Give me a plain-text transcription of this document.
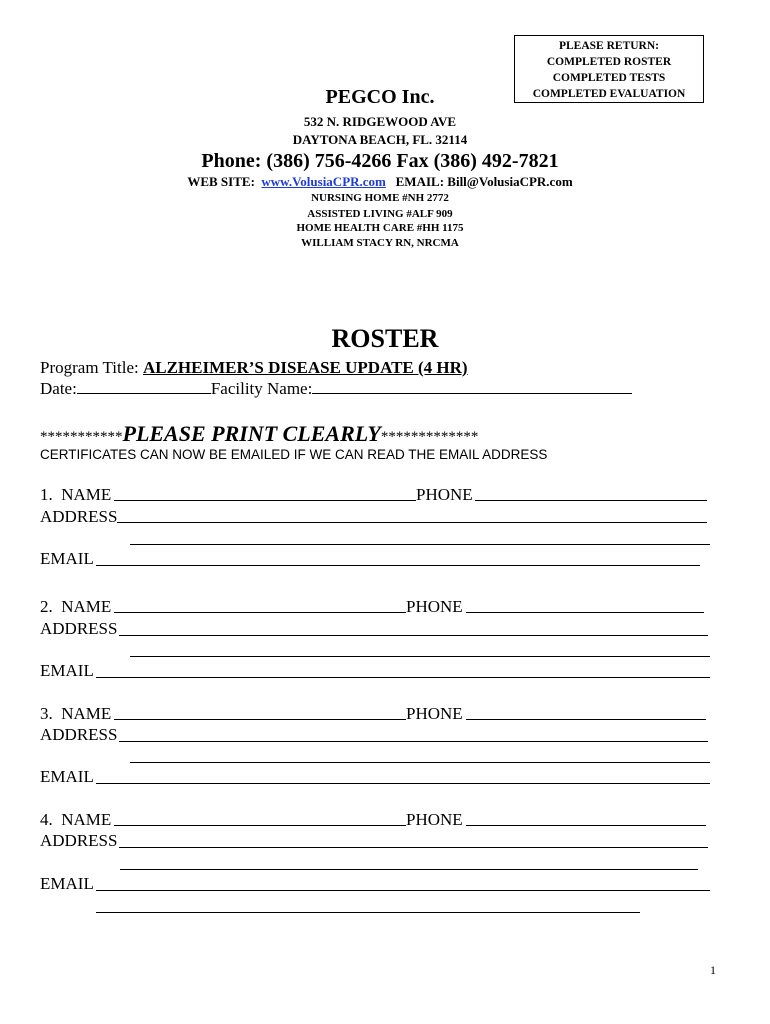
PLEASE RETURN:
COMPLETED ROSTER
COMPLETED TESTS
COMPLETED EVALUATION
PEGCO Inc.
532 N. RIDGEWOOD AVE
DAYTONA BEACH, FL. 32114
Phone: (386) 756-4266 Fax (386) 492-7821
WEB SITE: www.VolusiaCPR.com EMAIL: Bill@VolusiaCPR.com
NURSING HOME #NH 2772
ASSISTED LIVING #ALF 909
HOME HEALTH CARE #HH 1175
WILLIAM STACY RN, NRCMA
ROSTER
Program Title: ALZHEIMER’S DISEASE UPDATE (4 HR)
Date:	Facility Name:
***********PLEASE PRINT CLEARLY*************
CERTIFICATES CAN NOW BE EMAILED IF WE CAN READ THE EMAIL ADDRESS
1. NAME	PHONE
ADDRESS
EMAIL
2. NAME	PHONE
ADDRESS
EMAIL
3. NAME	PHONE
ADDRESS
EMAIL
4. NAME	PHONE
ADDRESS
EMAIL
1
